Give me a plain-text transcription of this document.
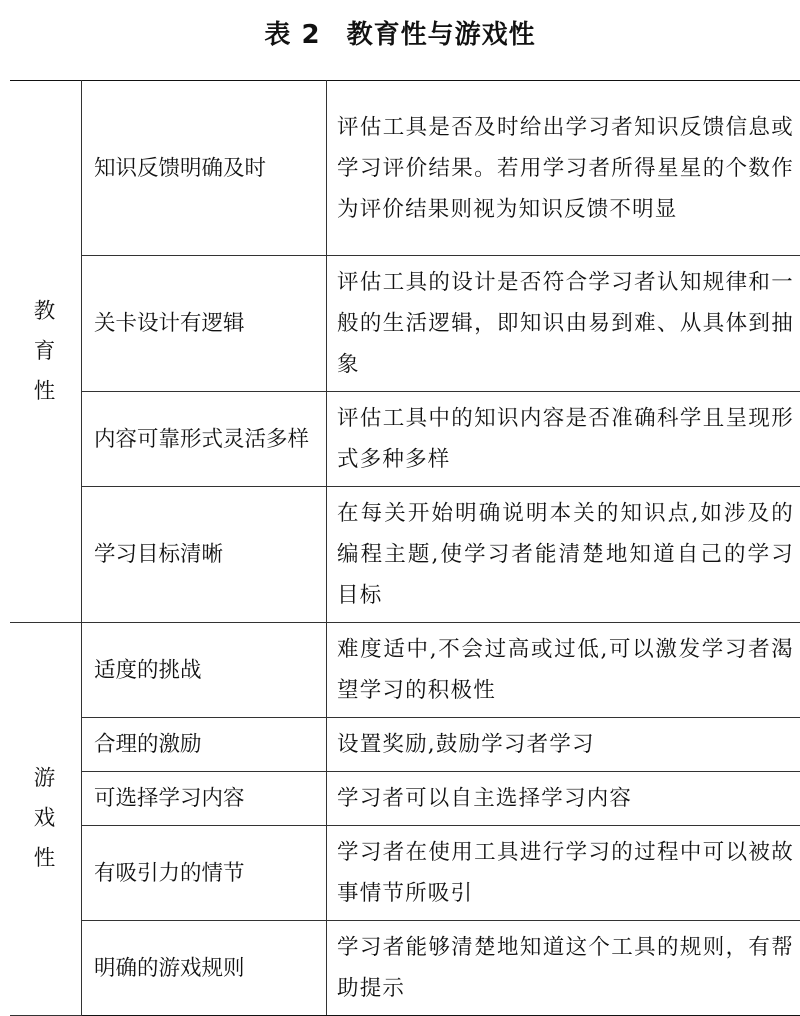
表 2 教育性与游戏性
教
育
性	知识反馈明确及时	评估工具是否及时给出学习者知识反馈信息或学习评价结果。若用学习者所得星星的个数作为评价结果则视为知识反馈不明显
	关卡设计有逻辑	评估工具的设计是否符合学习者认知规律和一般的生活逻辑，即知识由易到难、从具体到抽象
	内容可靠形式灵活多样	评估工具中的知识内容是否准确科学且呈现形式多种多样
	学习目标清晰	在每关开始明确说明本关的知识点,如涉及的编程主题,使学习者能清楚地知道自己的学习目标

游
戏
性	适度的挑战	难度适中,不会过高或过低,可以激发学习者渴望学习的积极性
	合理的激励	设置奖励,鼓励学习者学习
	可选择学习内容	学习者可以自主选择学习内容
	有吸引力的情节	学习者在使用工具进行学习的过程中可以被故事情节所吸引
	明确的游戏规则	学习者能够清楚地知道这个工具的规则，有帮助提示
